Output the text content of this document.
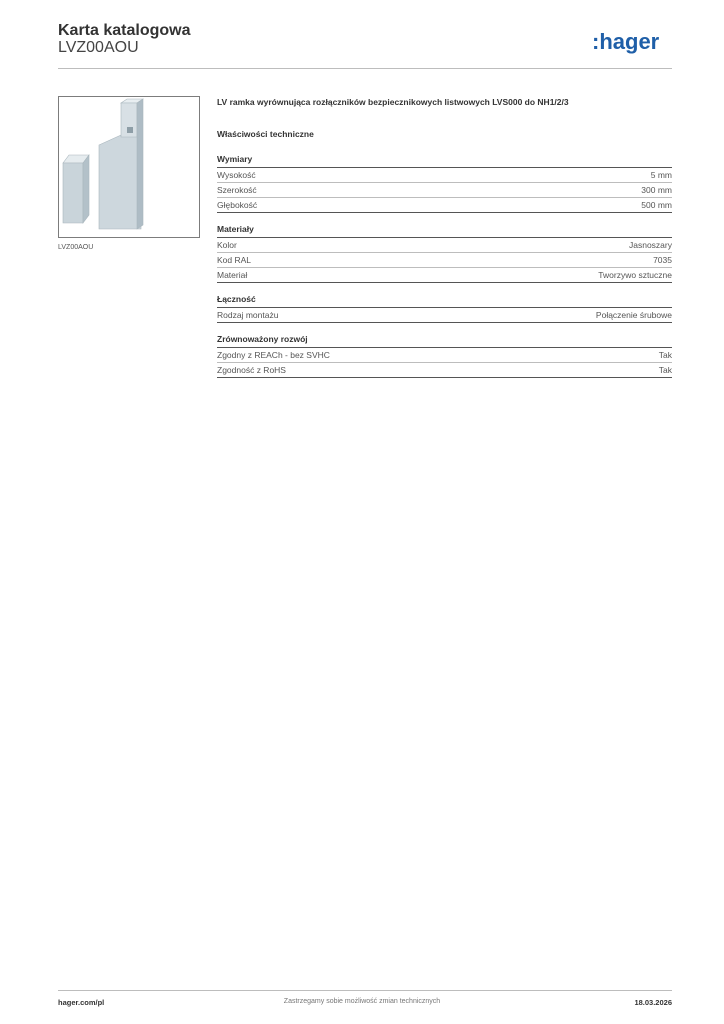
Karta katalogowa
LVZ00AOU	:hager
LVZ00AOU
LV ramka wyrównująca rozłączników bezpiecznikowych listwowych LVS000 do NH1/2/3
Właściwości techniczne
Wymiary
Wysokość	5 mm
Szerokość	300 mm
Głębokość	500 mm
Materiały
Kolor	Jasnoszary
Kod RAL	7035
Materiał	Tworzywo sztuczne
Łączność
Rodzaj montażu	Połączenie śrubowe
Zrównoważony rozwój
Zgodny z REACh - bez SVHC	Tak
Zgodność z RoHS	Tak
hager.com/pl	Zastrzegamy sobie możliwość zmian technicznych	18.03.2026
